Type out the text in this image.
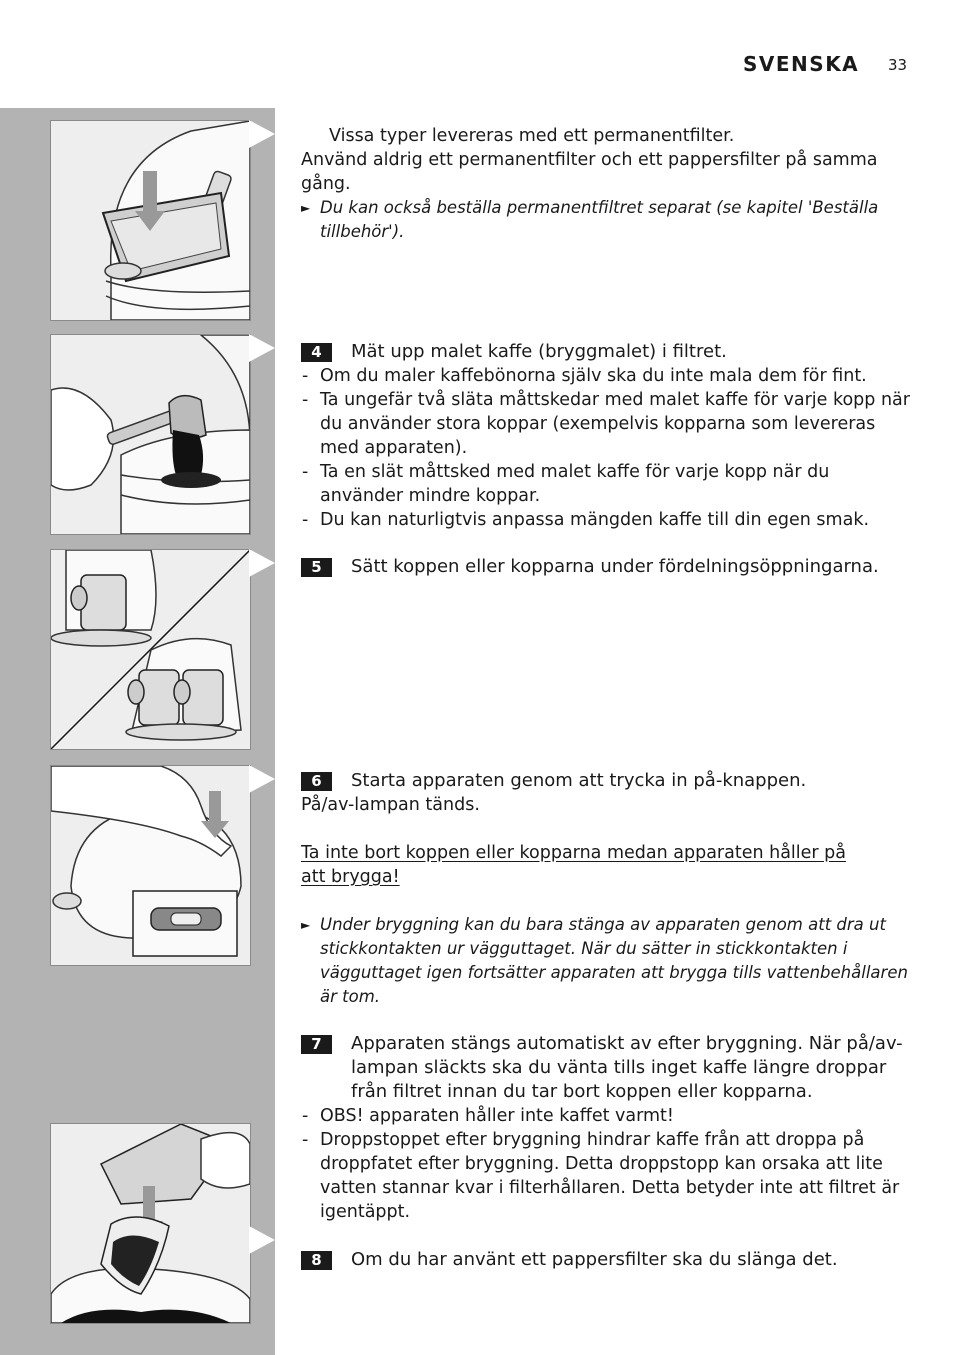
SVENSKA 33

Vissa typer levereras med ett permanentfilter.

Använd aldrig ett permanentfilter och ett pappersfilter på samma gång.

► Du kan också beställa permanentfiltret separat (se kapitel 'Beställa tillbehör').
4	Mät upp malet kaffe (bryggmalet) i filtret.
- Om du maler kaffebönorna själv ska du inte mala dem för fint.
- Ta ungefär två släta måttskedar med malet kaffe för varje kopp när du använder stora koppar (exempelvis kopparna som levereras med apparaten).
- Ta en slät måttsked med malet kaffe för varje kopp när du använder mindre koppar.
- Du kan naturligtvis anpassa mängden kaffe till din egen smak.
5	Sätt koppen eller kopparna under fördelningsöppningarna.
6	Starta apparaten genom att trycka in på-knappen.

På/av-lampan tänds.

Ta inte bort koppen eller kopparna medan apparaten håller på att brygga!

► Under bryggning kan du bara stänga av apparaten genom att dra ut stickkontakten ur vägguttaget. När du sätter in stickkontakten i vägguttaget igen fortsätter apparaten att brygga tills vattenbehållaren är tom.
7	Apparaten stängs automatiskt av efter bryggning. När på/av-lampan släckts ska du vänta tills inget kaffe längre droppar från filtret innan du tar bort koppen eller kopparna.
- OBS! apparaten håller inte kaffet varmt!
- Droppstoppet efter bryggning hindrar kaffe från att droppa på droppfatet efter bryggning. Detta droppstopp kan orsaka att lite vatten stannar kvar i filterhållaren. Detta betyder inte att filtret är igentäppt.
8	Om du har använt ett pappersfilter ska du slänga det.
